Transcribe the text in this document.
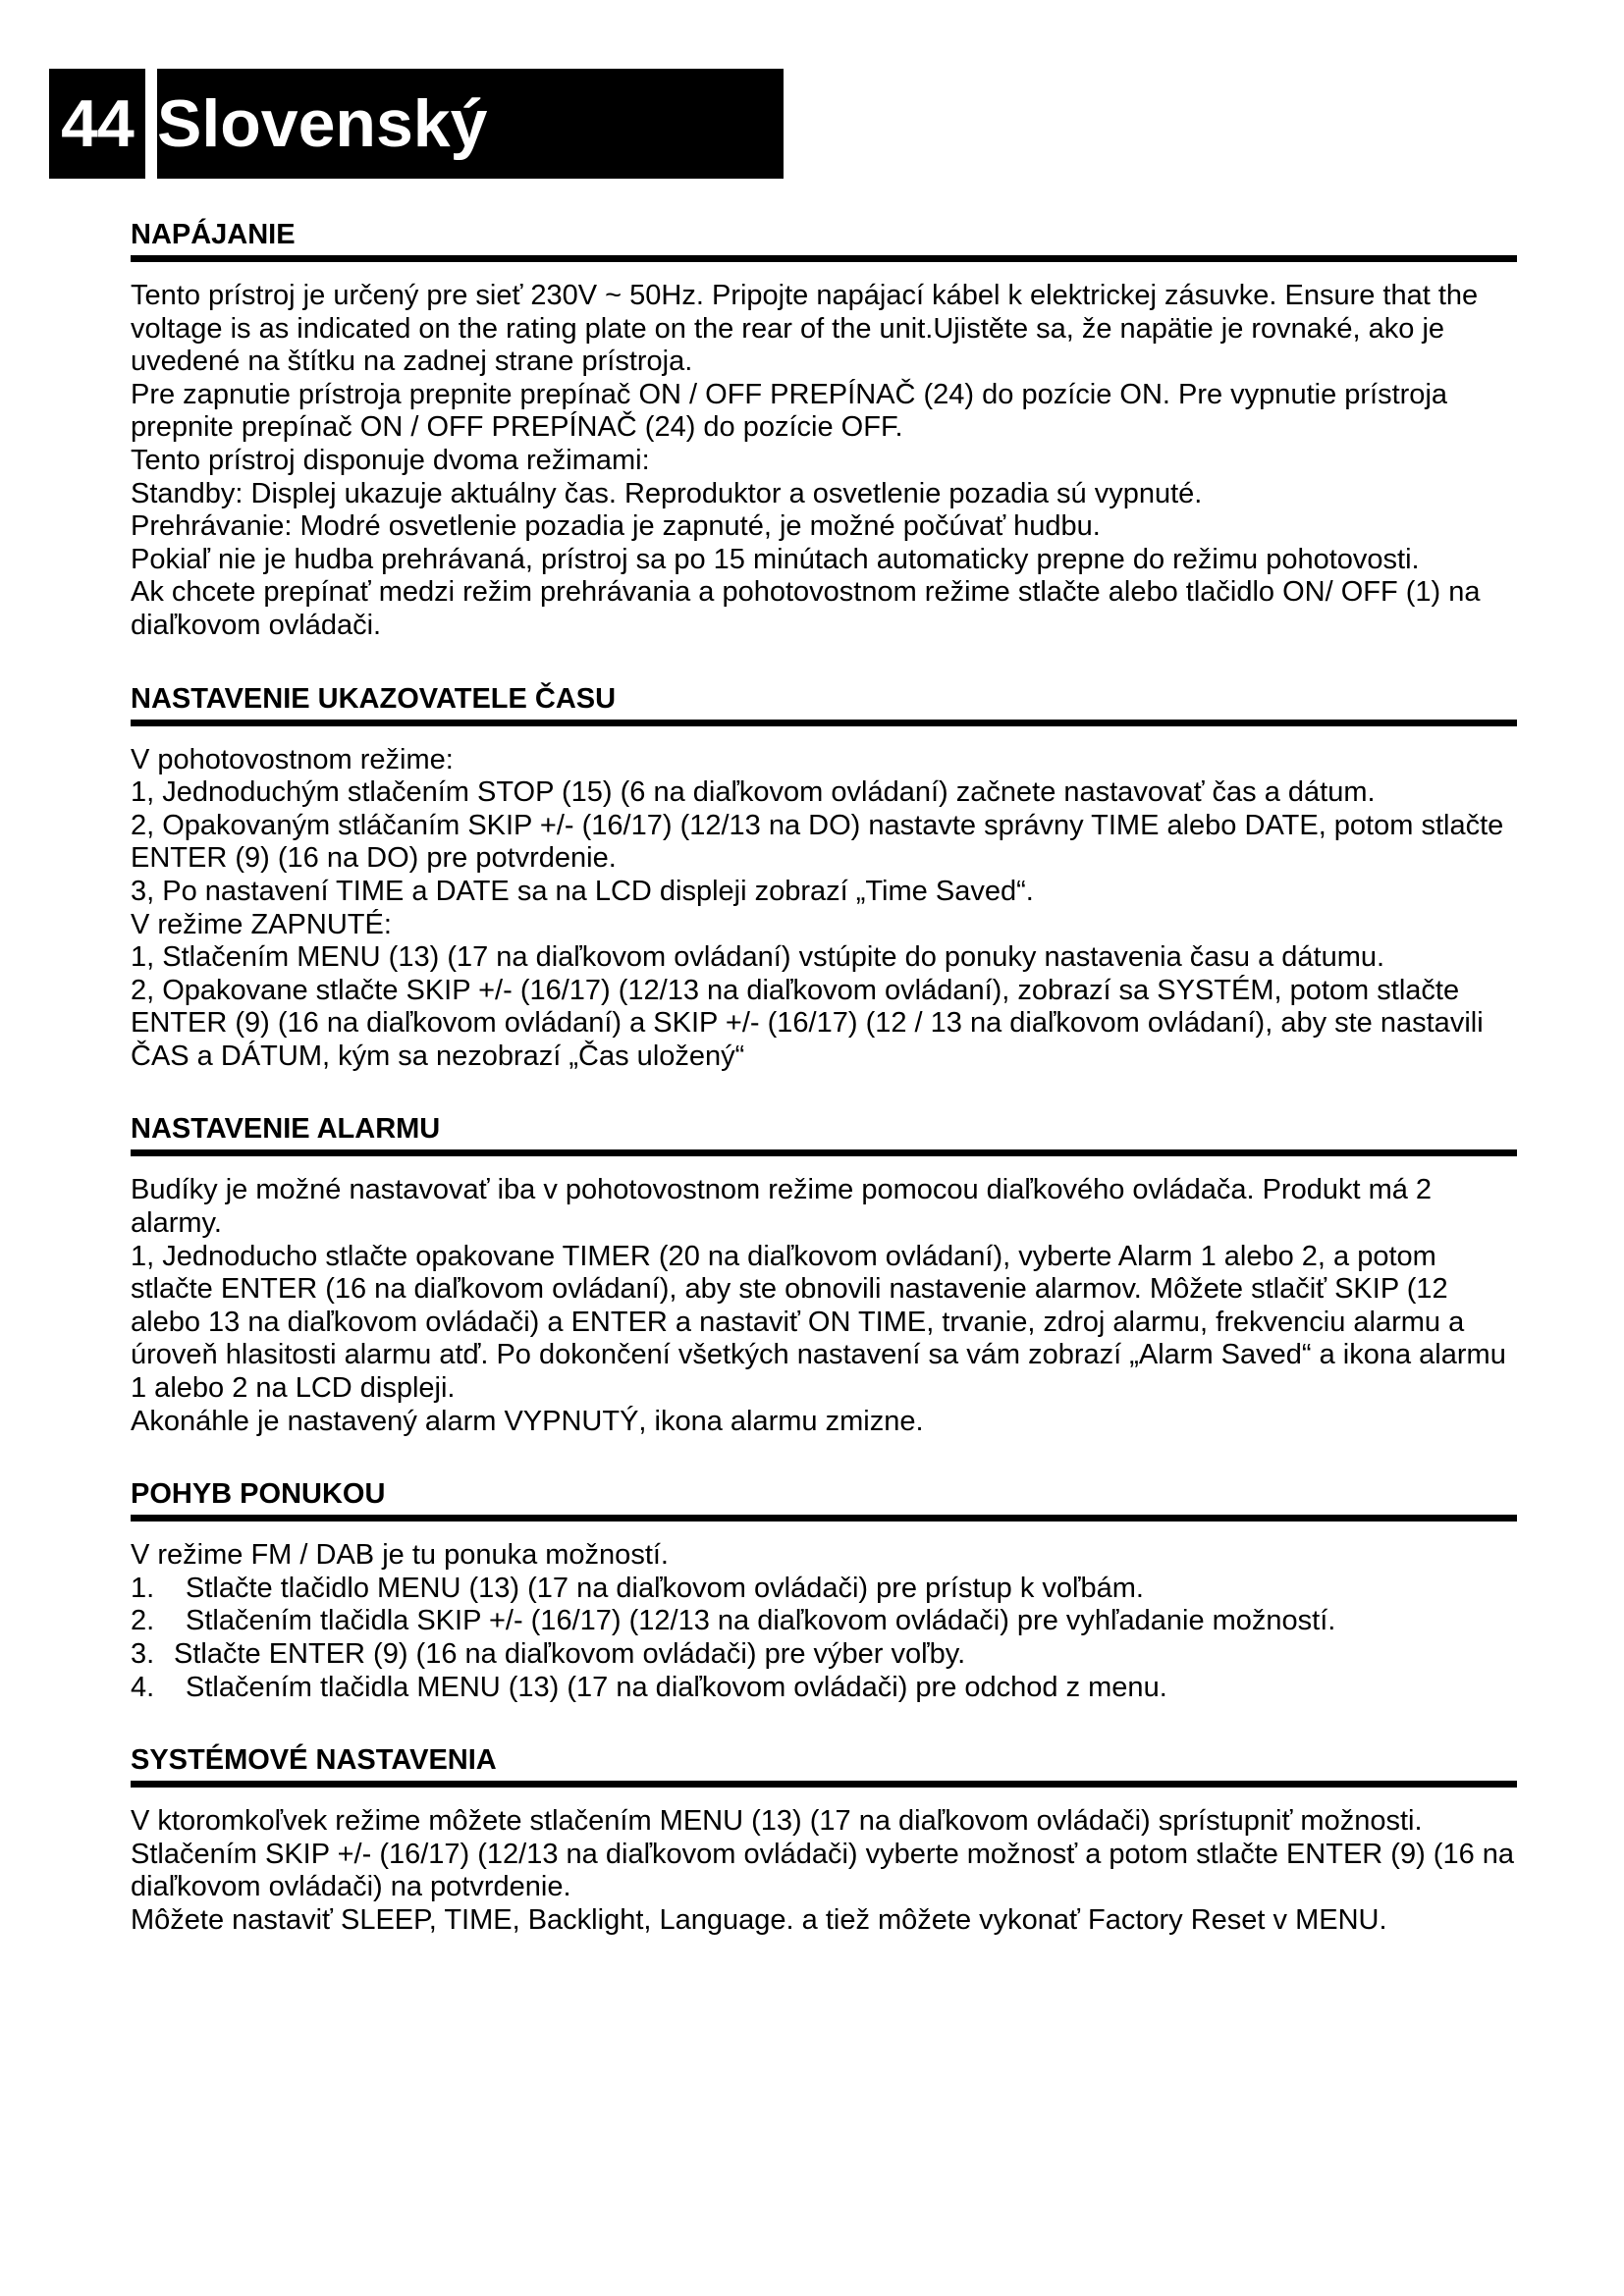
44 Slovenský
NAPÁJANIE

Tento prístroj je určený pre sieť 230V ~ 50Hz. Pripojte napájací kábel k elektrickej zásuvke. Ensure that the voltage is as indicated on the rating plate on the rear of the unit.Ujistěte sa, že napätie je rovnaké, ako je uvedené na štítku na zadnej strane prístroja.

Pre zapnutie prístroja prepnite prepínač ON / OFF PREPÍNAČ (24) do pozície ON. Pre vypnutie prístroja prepnite prepínač ON / OFF PREPÍNAČ (24) do pozície OFF.

Tento prístroj disponuje dvoma režimami:

Standby: Displej ukazuje aktuálny čas. Reproduktor a osvetlenie pozadia sú vypnuté.

Prehrávanie: Modré osvetlenie pozadia je zapnuté, je možné počúvať hudbu.

Pokiaľ nie je hudba prehrávaná, prístroj sa po 15 minútach automaticky prepne do režimu pohotovosti.

Ak chcete prepínať medzi režim prehrávania a pohotovostnom režime stlačte alebo tlačidlo ON/ OFF (1) na diaľkovom ovládači.

NASTAVENIE UKAZOVATELE ČASU

V pohotovostnom režime:

1, Jednoduchým stlačením STOP (15) (6 na diaľkovom ovládaní) začnete nastavovať čas a dátum.

2, Opakovaným stláčaním SKIP +/- (16/17) (12/13 na DO) nastavte správny TIME alebo DATE, potom stlačte ENTER (9) (16 na DO) pre potvrdenie.

3, Po nastavení TIME a DATE sa na LCD displeji zobrazí „Time Saved“.

V režime ZAPNUTÉ:

1, Stlačením MENU (13) (17 na diaľkovom ovládaní) vstúpite do ponuky nastavenia času a dátumu.

2, Opakovane stlačte SKIP +/- (16/17) (12/13 na diaľkovom ovládaní), zobrazí sa SYSTÉM, potom stlačte ENTER (9) (16 na diaľkovom ovládaní) a SKIP +/- (16/17) (12 / 13 na diaľkovom ovládaní), aby ste nastavili ČAS a DÁTUM, kým sa nezobrazí „Čas uložený“

NASTAVENIE ALARMU

Budíky je možné nastavovať iba v pohotovostnom režime pomocou diaľkového ovládača. Produkt má 2 alarmy.

1, Jednoducho stlačte opakovane TIMER (20 na diaľkovom ovládaní), vyberte Alarm 1 alebo 2, a potom stlačte ENTER (16 na diaľkovom ovládaní), aby ste obnovili nastavenie alarmov. Môžete stlačiť SKIP (12 alebo 13 na diaľkovom ovládači) a ENTER a nastaviť ON TIME, trvanie, zdroj alarmu, frekvenciu alarmu a úroveň hlasitosti alarmu atď. Po dokončení všetkých nastavení sa vám zobrazí „Alarm Saved“ a ikona alarmu 1 alebo 2 na LCD displeji.

Akonáhle je nastavený alarm VYPNUTÝ, ikona alarmu zmizne.

POHYB PONUKOU

V režime FM / DAB je tu ponuka možností.

1.	Stlačte tlačidlo MENU (13) (17 na diaľkovom ovládači) pre prístup k voľbám.
2.	Stlačením tlačidla SKIP +/- (16/17) (12/13 na diaľkovom ovládači) pre vyhľadanie možností.
3. Stlačte ENTER (9) (16 na diaľkovom ovládači) pre výber voľby.
4.	Stlačením tlačidla MENU (13) (17 na diaľkovom ovládači) pre odchod z menu.
SYSTÉMOVÉ NASTAVENIA

V ktoromkoľvek režime môžete stlačením MENU (13) (17 na diaľkovom ovládači) sprístupniť možnosti. Stlačením SKIP +/- (16/17) (12/13 na diaľkovom ovládači) vyberte možnosť a potom stlačte ENTER (9) (16 na diaľkovom ovládači) na potvrdenie.

Môžete nastaviť SLEEP, TIME, Backlight, Language. a tiež môžete vykonať Factory Reset v MENU.
